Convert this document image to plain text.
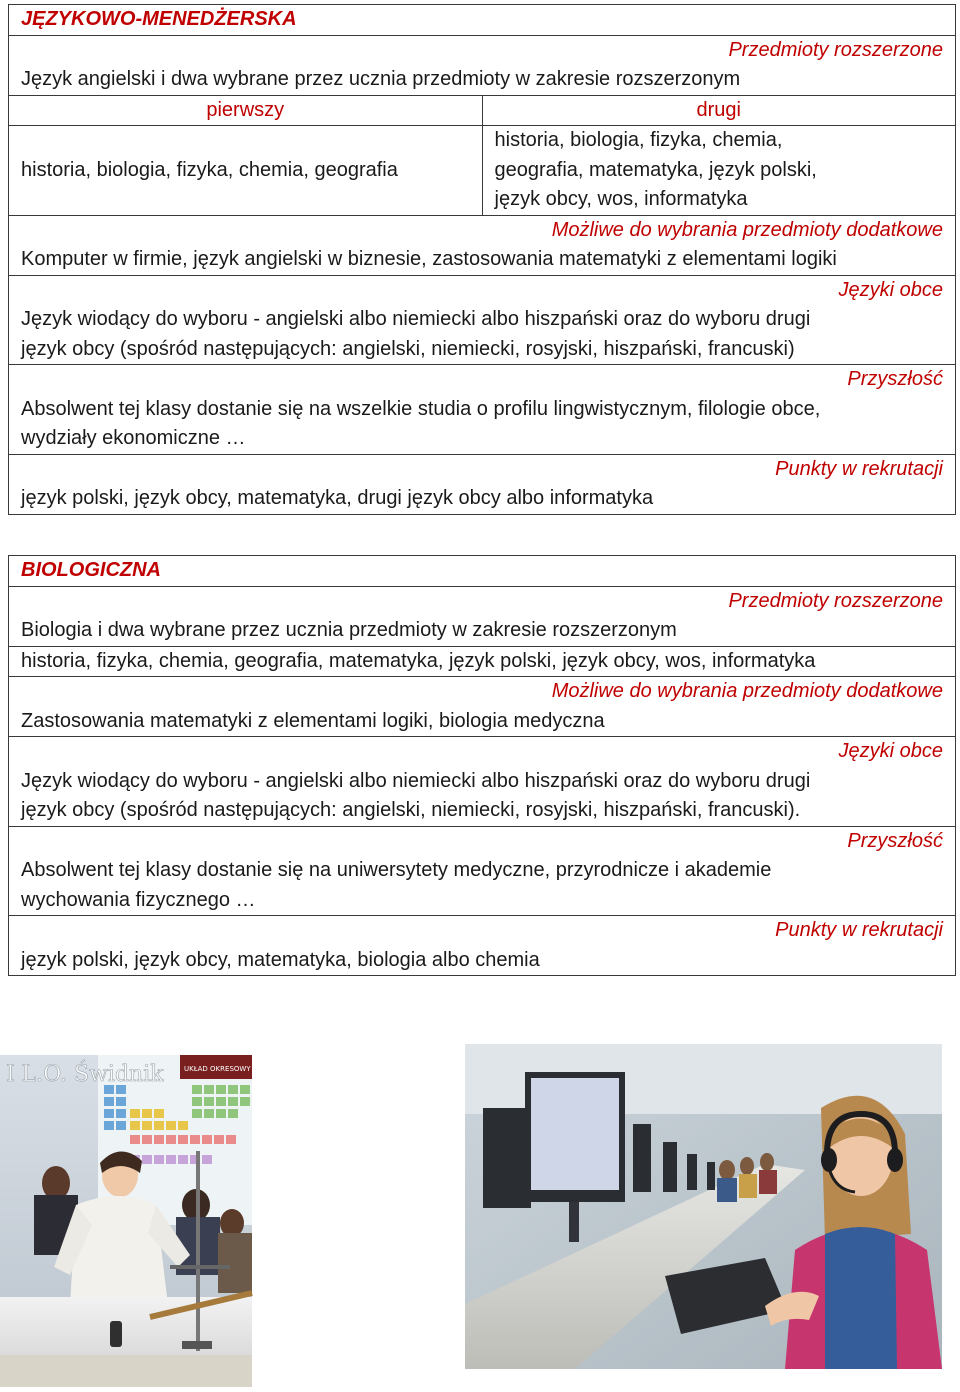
JĘZYKOWO-MENEDŻERSKA	
Przedmioty rozszerzone	
Język angielski i dwa wybrane przez ucznia przedmioty w zakresie rozszerzonym	
pierwszy	drugi
historia, biologia, fizyka, chemia, geografia	historia, biologia, fizyka, chemia,
geografia, matematyka, język polski,
język obcy, wos, informatyka

Możliwe do wybrania przedmioty dodatkowe	
Komputer w firmie, język angielski w biznesie, zastosowania matematyki z elementami logiki	
Języki obce	

Język wiodący do wyboru - angielski albo niemiecki albo hiszpański oraz do wyboru drugi
język obcy (spośród następujących: angielski, niemiecki, rosyjski, hiszpański, francuski)	

Przyszłość	

Absolwent tej klasy dostanie się na wszelkie studia o profilu lingwistycznym, filologie obce,
wydziały ekonomiczne …	

Punkty w rekrutacji	
język polski, język obcy, matematyka, drugi język obcy albo informatyka	
BIOLOGICZNA
Przedmioty rozszerzone
Biologia i dwa wybrane przez ucznia przedmioty w zakresie rozszerzonym
historia, fizyka, chemia, geografia, matematyka, język polski, język obcy, wos, informatyka
Możliwe do wybrania przedmioty dodatkowe
Zastosowania matematyki z elementami logiki, biologia medyczna
Języki obce

Język wiodący do wyboru - angielski albo niemiecki albo hiszpański oraz do wyboru drugi
język obcy (spośród następujących: angielski, niemiecki, rosyjski, hiszpański, francuski).

Przyszłość

Absolwent tej klasy dostanie się na uniwersytety medyczne, przyrodnicze i akademie
wychowania fizycznego …

Punkty w rekrutacji
język polski, język obcy, matematyka, biologia albo chemia
UKŁAD OKRESOWY PIERWIASTKÓW
I L.O. Świdnik
